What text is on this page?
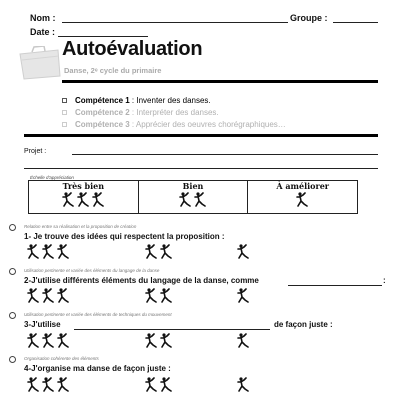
Nom :	Groupe :
Date :
Autoévaluation
Danse, 2ᵉ cycle du primaire
Compétence 1 : Inventer des danses.
Compétence 2 : Interpréter des danses.
Compétence 3 : Apprécier des oeuvres chorégraphiques…
Projet :
Échelle d'appréciation
Très bien	Bien	À améliorer
Relation entre sa réalisation et la proposition de création
1- Je trouve des idées qui respectent la proposition :
Utilisation pertinente et variée des éléments du langage de la danse
2-J'utilise différents éléments du langage de la danse, comme	:
Utilisation pertinente et variée des éléments de techniques du mouvement
3-J'utilise	de façon juste :
Organisation cohérente des éléments
4-J'organise ma danse de façon juste :
